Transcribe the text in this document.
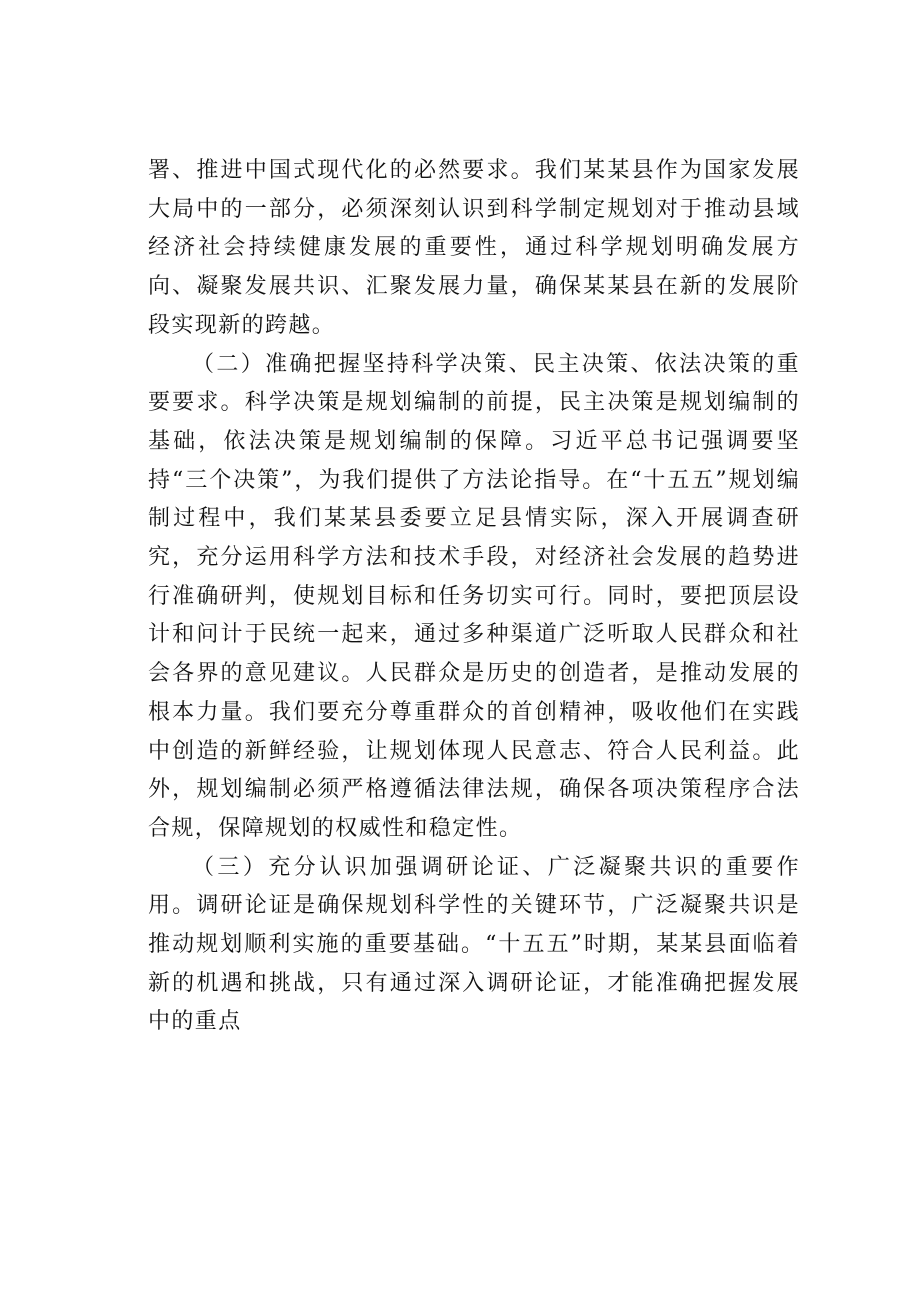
署、推进中国式现代化的必然要求。我们某某县作为国家发展大局中的一部分，必须深刻认识到科学制定规划对于推动县域经济社会持续健康发展的重要性，通过科学规划明确发展方向、凝聚发展共识、汇聚发展力量，确保某某县在新的发展阶段实现新的跨越。

（二）准确把握坚持科学决策、民主决策、依法决策的重要要求。科学决策是规划编制的前提，民主决策是规划编制的基础，依法决策是规划编制的保障。习近平总书记强调要坚持“三个决策”，为我们提供了方法论指导。在“十五五”规划编制过程中，我们某某县委要立足县情实际，深入开展调查研究，充分运用科学方法和技术手段，对经济社会发展的趋势进行准确研判，使规划目标和任务切实可行。同时，要把顶层设计和问计于民统一起来，通过多种渠道广泛听取人民群众和社会各界的意见建议。人民群众是历史的创造者，是推动发展的根本力量。我们要充分尊重群众的首创精神，吸收他们在实践中创造的新鲜经验，让规划体现人民意志、符合人民利益。此外，规划编制必须严格遵循法律法规，确保各项决策程序合法合规，保障规划的权威性和稳定性。

（三）充分认识加强调研论证、广泛凝聚共识的重要作用。调研论证是确保规划科学性的关键环节，广泛凝聚共识是推动规划顺利实施的重要基础。“十五五”时期，某某县面临着新的机遇和挑战，只有通过深入调研论证，才能准确把握发展中的重点
